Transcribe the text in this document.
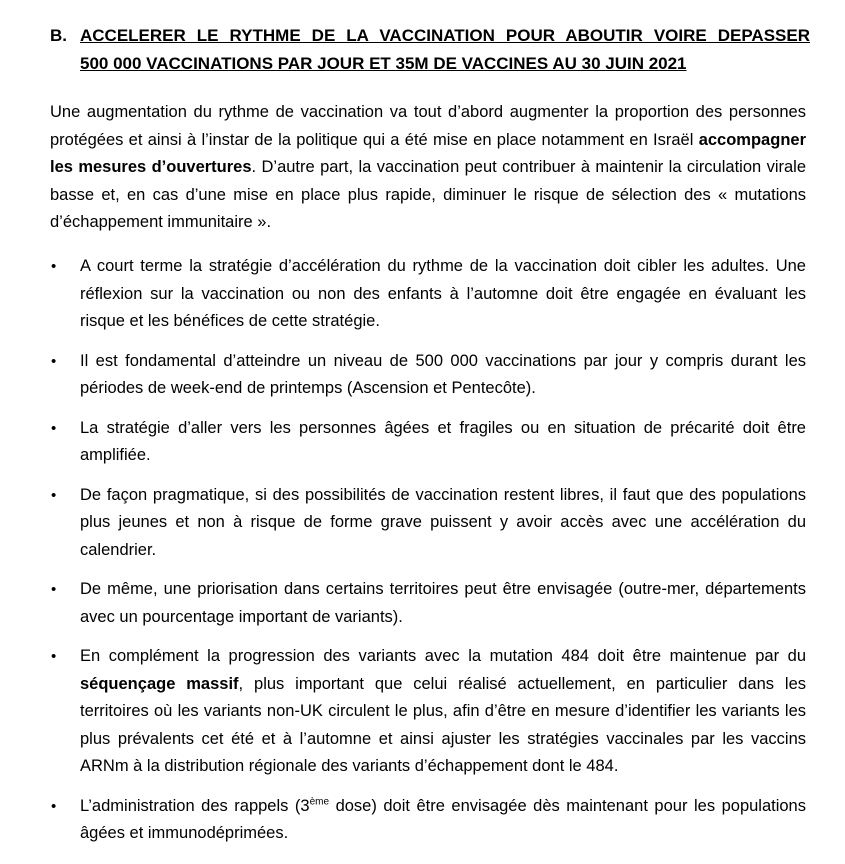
B. ACCELERER LE RYTHME DE LA VACCINATION POUR ABOUTIR VOIRE DEPASSER
500 000 VACCINATIONS PAR JOUR ET 35M DE VACCINES AU 30 JUIN 2021

Une augmentation du rythme de vaccination va tout d’abord augmenter la proportion des personnes protégées et ainsi à l’instar de la politique qui a été mise en place notamment en Israël accompagner les mesures d’ouvertures. D’autre part, la vaccination peut contribuer à maintenir la circulation virale basse et, en cas d’une mise en place plus rapide, diminuer le risque de sélection des « mutations d’échappement immunitaire ».

• A court terme la stratégie d’accélération du rythme de la vaccination doit cibler les adultes. Une réflexion sur la vaccination ou non des enfants à l’automne doit être engagée en évaluant les risque et les bénéfices de cette stratégie.
• Il est fondamental d’atteindre un niveau de 500 000 vaccinations par jour y compris durant les périodes de week-end de printemps (Ascension et Pentecôte).
• La stratégie d’aller vers les personnes âgées et fragiles ou en situation de précarité doit être amplifiée.
• De façon pragmatique, si des possibilités de vaccination restent libres, il faut que des populations plus jeunes et non à risque de forme grave puissent y avoir accès avec une accélération du calendrier.
• De même, une priorisation dans certains territoires peut être envisagée (outre-mer, départements avec un pourcentage important de variants).
• En complément la progression des variants avec la mutation 484 doit être maintenue par du séquençage massif, plus important que celui réalisé actuellement, en particulier dans les territoires où les variants non-UK circulent le plus, afin d’être en mesure d’identifier les variants les plus prévalents cet été et à l’automne et ainsi ajuster les stratégies vaccinales par les vaccins ARNm à la distribution régionale des variants d’échappement dont le 484.
• L’administration des rappels (3ème dose) doit être envisagée dès maintenant pour les populations âgées et immunodéprimées.
